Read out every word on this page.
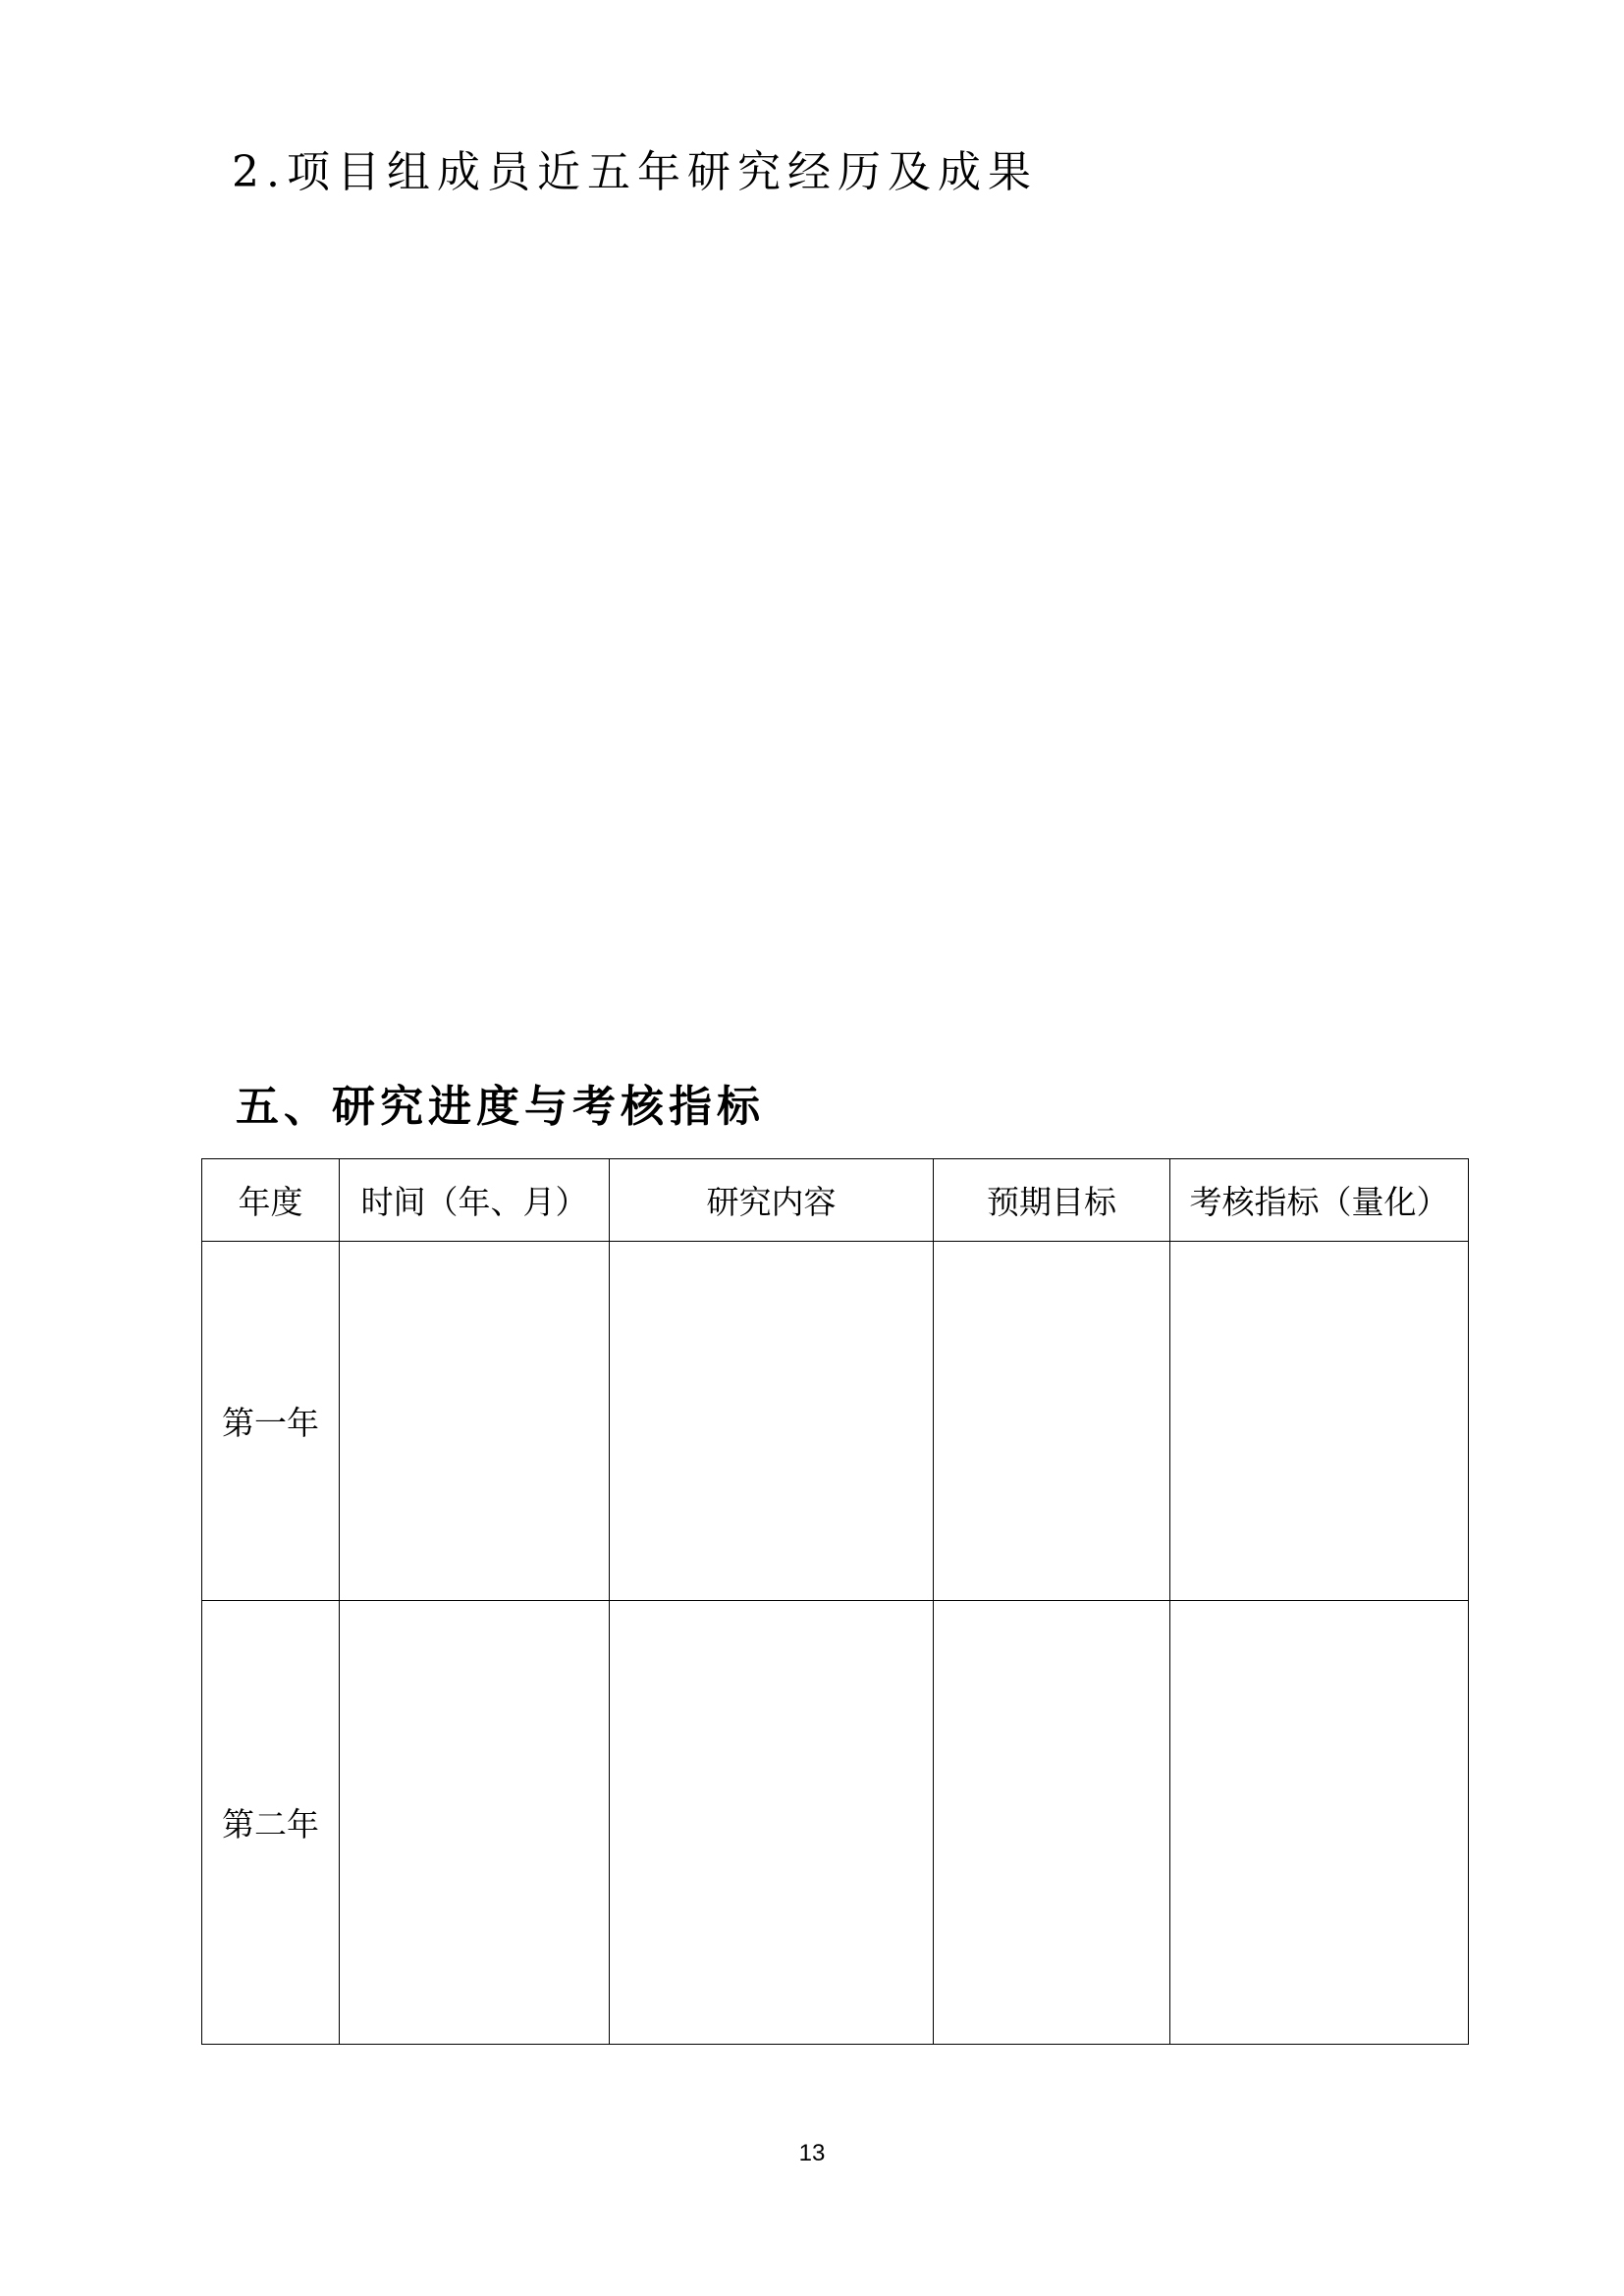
2.项目组成员近五年研究经历及成果
五、研究进度与考核指标
年度	时间（年、月）	研究内容	预期目标	考核指标（量化）
第一年				
第二年				
13
